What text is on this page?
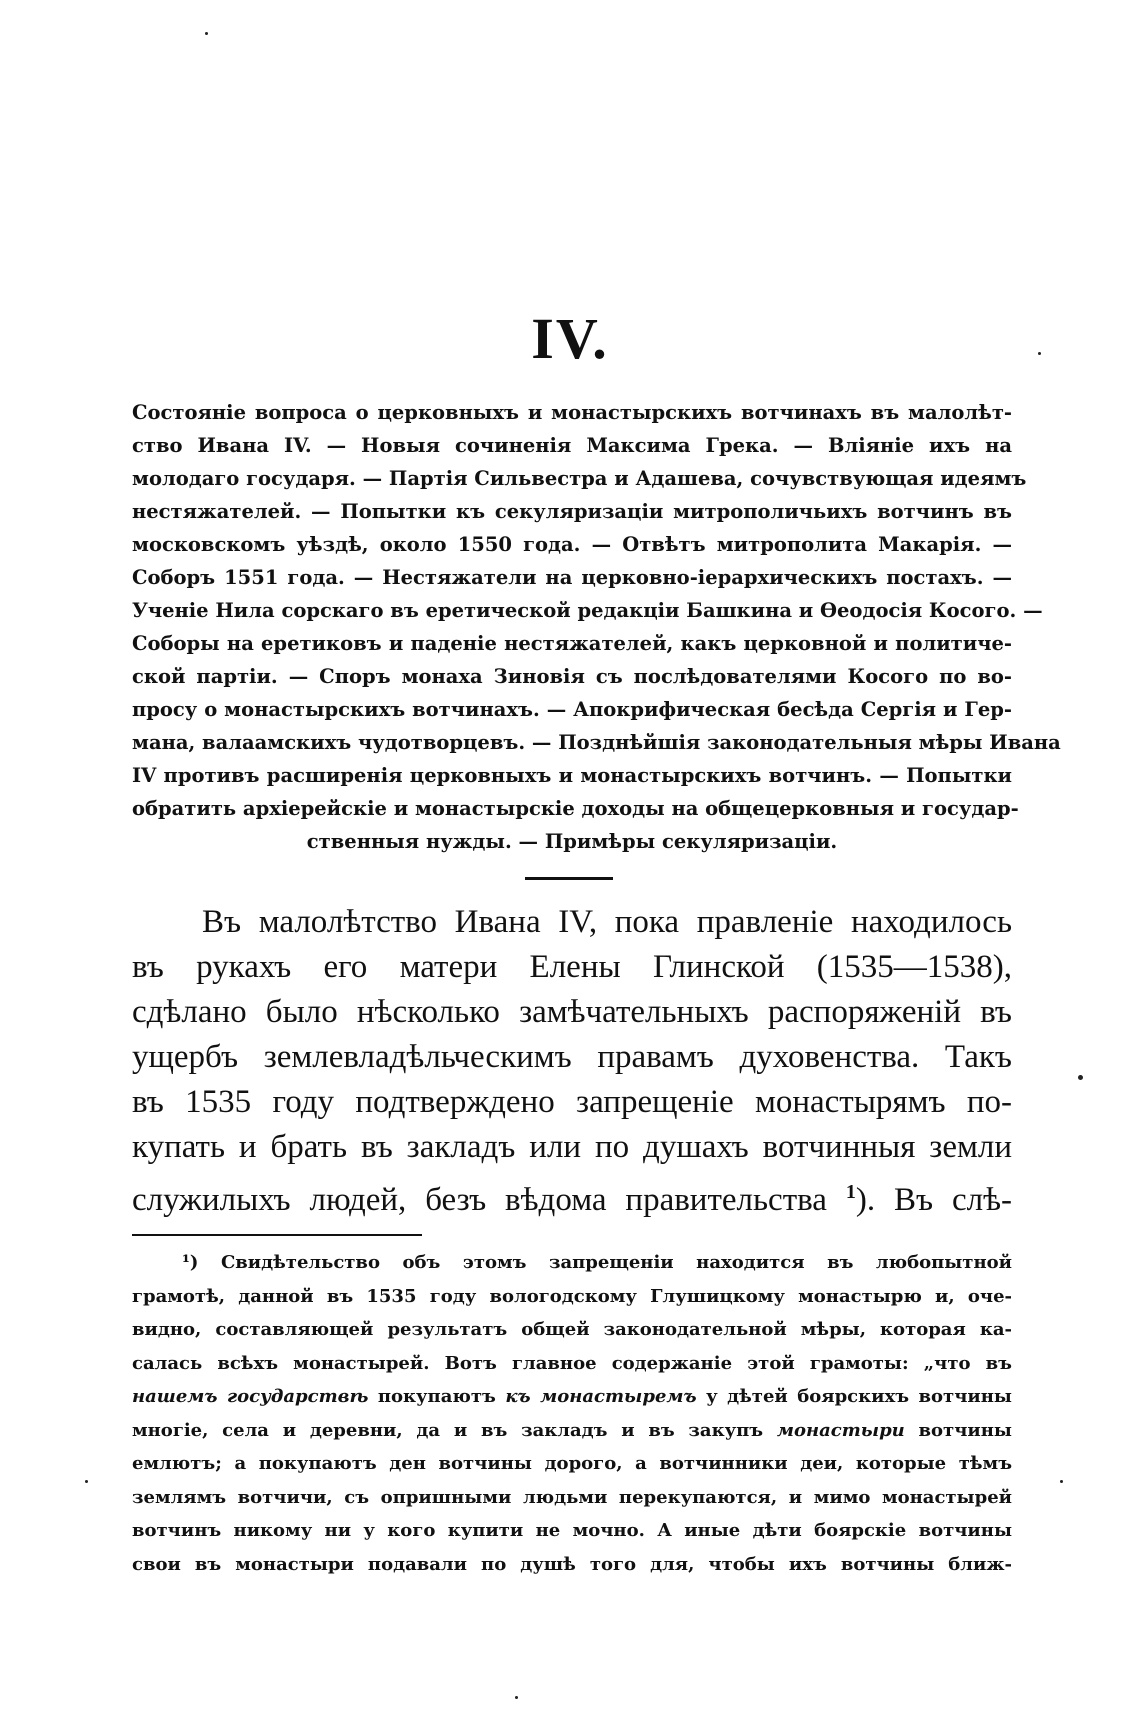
IV.
Состоянiе вопроса о церковныхъ и монастырскихъ вотчинахъ въ малолѣт-
ство Ивана IV. — Новыя сочиненiя Максима Грека. — Влiянiе ихъ на
молодаго государя. — Партiя Сильвестра и Адашева, сочувствующая идеямъ
нестяжателей. — Попытки къ секуляризацiи митрополичьихъ вотчинъ въ
московскомъ уѣздѣ, около 1550 года. — Отвѣтъ митрополита Макарiя. —
Соборъ 1551 года. — Нестяжатели на церковно-iерархическихъ постахъ. —
Ученiе Нила сорскаго въ еретической редакцiи Башкина и Ѳеодосiя Косого. —
Соборы на еретиковъ и паденiе нестяжателей, какъ церковной и политиче-
ской партiи. — Споръ монаха Зиновiя съ послѣдователями Косого по во-
просу о монастырскихъ вотчинахъ. — Апокрифическая бесѣда Сергiя и Гер-
мана, валаамскихъ чудотворцевъ. — Позднѣйшiя законодательныя мѣры Ивана
IV противъ расширенiя церковныхъ и монастырскихъ вотчинъ. — Попытки
обратить архiерейскiе и монастырскiе доходы на общецерковныя и государ-
ственныя нужды. — Примѣры секуляризацiи.
Въ малолѣтство Ивана IV, пока правленiе находилось
въ рукахъ его матери Елены Глинской (1535—1538),
сдѣлано было нѣсколько замѣчательныхъ распоряженiй въ
ущербъ землевладѣльческимъ правамъ духовенства. Такъ
въ 1535 году подтверждено запрещенiе монастырямъ по-
купать и брать въ закладъ или по душахъ вотчинныя земли
служилыхъ людей, безъ вѣдома правительства $^1$). Въ слѣ-
¹) Свидѣтельство объ этомъ запрещенiи находится въ любопытной
грамотѣ, данной въ 1535 году вологодскому Глушицкому монастырю и, оче-
видно, составляющей результатъ общей законодательной мѣры, которая ка-
салась всѣхъ монастырей. Вотъ главное содержанiе этой грамоты: „что въ
нашемъ государствѣ покупаютъ къ монастыремъ у дѣтей боярскихъ вотчины
многiе, села и деревни, да и въ закладъ и въ закупъ монастыри вотчины
емлютъ; а покупаютъ ден вотчины дорого, а вотчинники деи, которые тѣмъ
землямъ вотчичи, съ опришными людьми перекупаются, и мимо монастырей
вотчинъ никому ни у кого купити не мочно. А иные дѣти боярскiе вотчины
свои въ монастыри подавали по душѣ того для, чтобы ихъ вотчины ближ-
